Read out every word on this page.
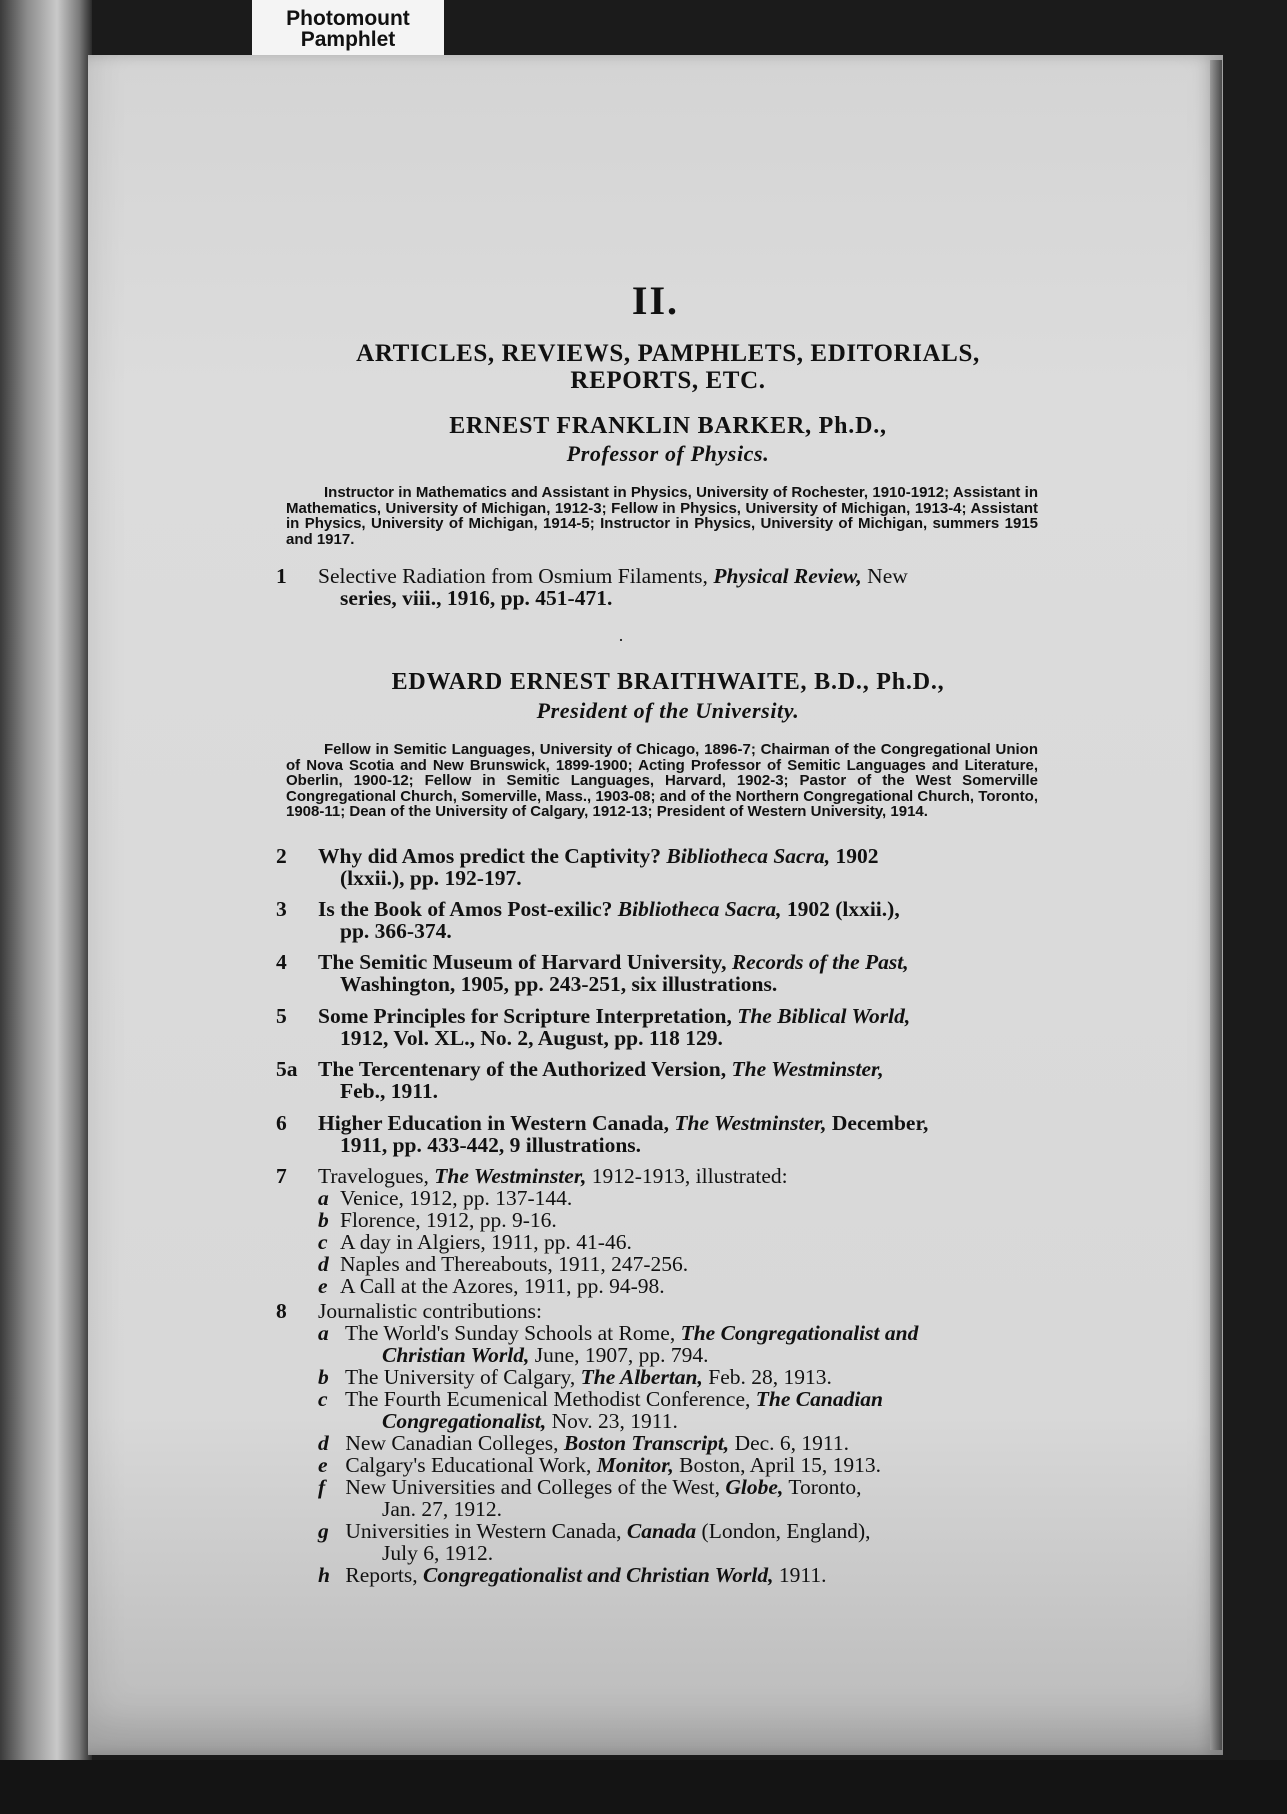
Photomount
Pamphlet
II.
ARTICLES, REVIEWS, PAMPHLETS, EDITORIALS,
REPORTS, ETC.
ERNEST FRANKLIN BARKER, Ph.D.,
Professor of Physics.
Instructor in Mathematics and Assistant in Physics, University of Rochester, 1910-1912; Assistant in Mathematics, University of Michigan, 1912-3; Fellow in Physics, University of Michigan, 1913-4; Assistant in Physics, University of Michigan, 1914-5; Instructor in Physics, University of Michigan, summers 1915 and 1917.
1	Selective Radiation from Osmium Filaments, Physical Review, New
series, viii., 1916, pp. 451-471.
·
EDWARD ERNEST BRAITHWAITE, B.D., Ph.D.,
President of the University.
Fellow in Semitic Languages, University of Chicago, 1896-7; Chairman of the Congregational Union of Nova Scotia and New Brunswick, 1899-1900; Acting Professor of Semitic Languages and Literature, Oberlin, 1900-12; Fellow in Semitic Languages, Harvard, 1902-3; Pastor of the West Somerville Congregational Church, Somerville, Mass., 1903-08; and of the Northern Congregational Church, Toronto, 1908-11; Dean of the University of Calgary, 1912-13; President of Western University, 1914.
2	Why did Amos predict the Captivity? Bibliotheca Sacra, 1902
(lxxii.), pp. 192-197.
3	Is the Book of Amos Post-exilic? Bibliotheca Sacra, 1902 (lxxii.),
pp. 366-374.
4	The Semitic Museum of Harvard University, Records of the Past,
Washington, 1905, pp. 243-251, six illustrations.
5	Some Principles for Scripture Interpretation, The Biblical World,
1912, Vol. XL., No. 2, August, pp. 118 129.
5a The Tercentenary of the Authorized Version, The Westminster,
Feb., 1911.
6	Higher Education in Western Canada, The Westminster, December,
1911, pp. 433-442, 9 illustrations.
7	Travelogues, The Westminster, 1912-1913, illustrated:
a Venice, 1912, pp. 137-144.
b Florence, 1912, pp. 9-16.
c A day in Algiers, 1911, pp. 41-46.
d Naples and Thereabouts, 1911, 247-256.
e A Call at the Azores, 1911, pp. 94-98.
8	Journalistic contributions:
a The World's Sunday Schools at Rome, The Congregationalist and
Christian World, June, 1907, pp. 794.
b The University of Calgary, The Albertan, Feb. 28, 1913.
c The Fourth Ecumenical Methodist Conference, The Canadian
Congregationalist, Nov. 23, 1911.
d New Canadian Colleges, Boston Transcript, Dec. 6, 1911.
e Calgary's Educational Work, Monitor, Boston, April 15, 1913.
f New Universities and Colleges of the West, Globe, Toronto,
Jan. 27, 1912.
g Universities in Western Canada, Canada (London, England),
July 6, 1912.
h Reports, Congregationalist and Christian World, 1911.
